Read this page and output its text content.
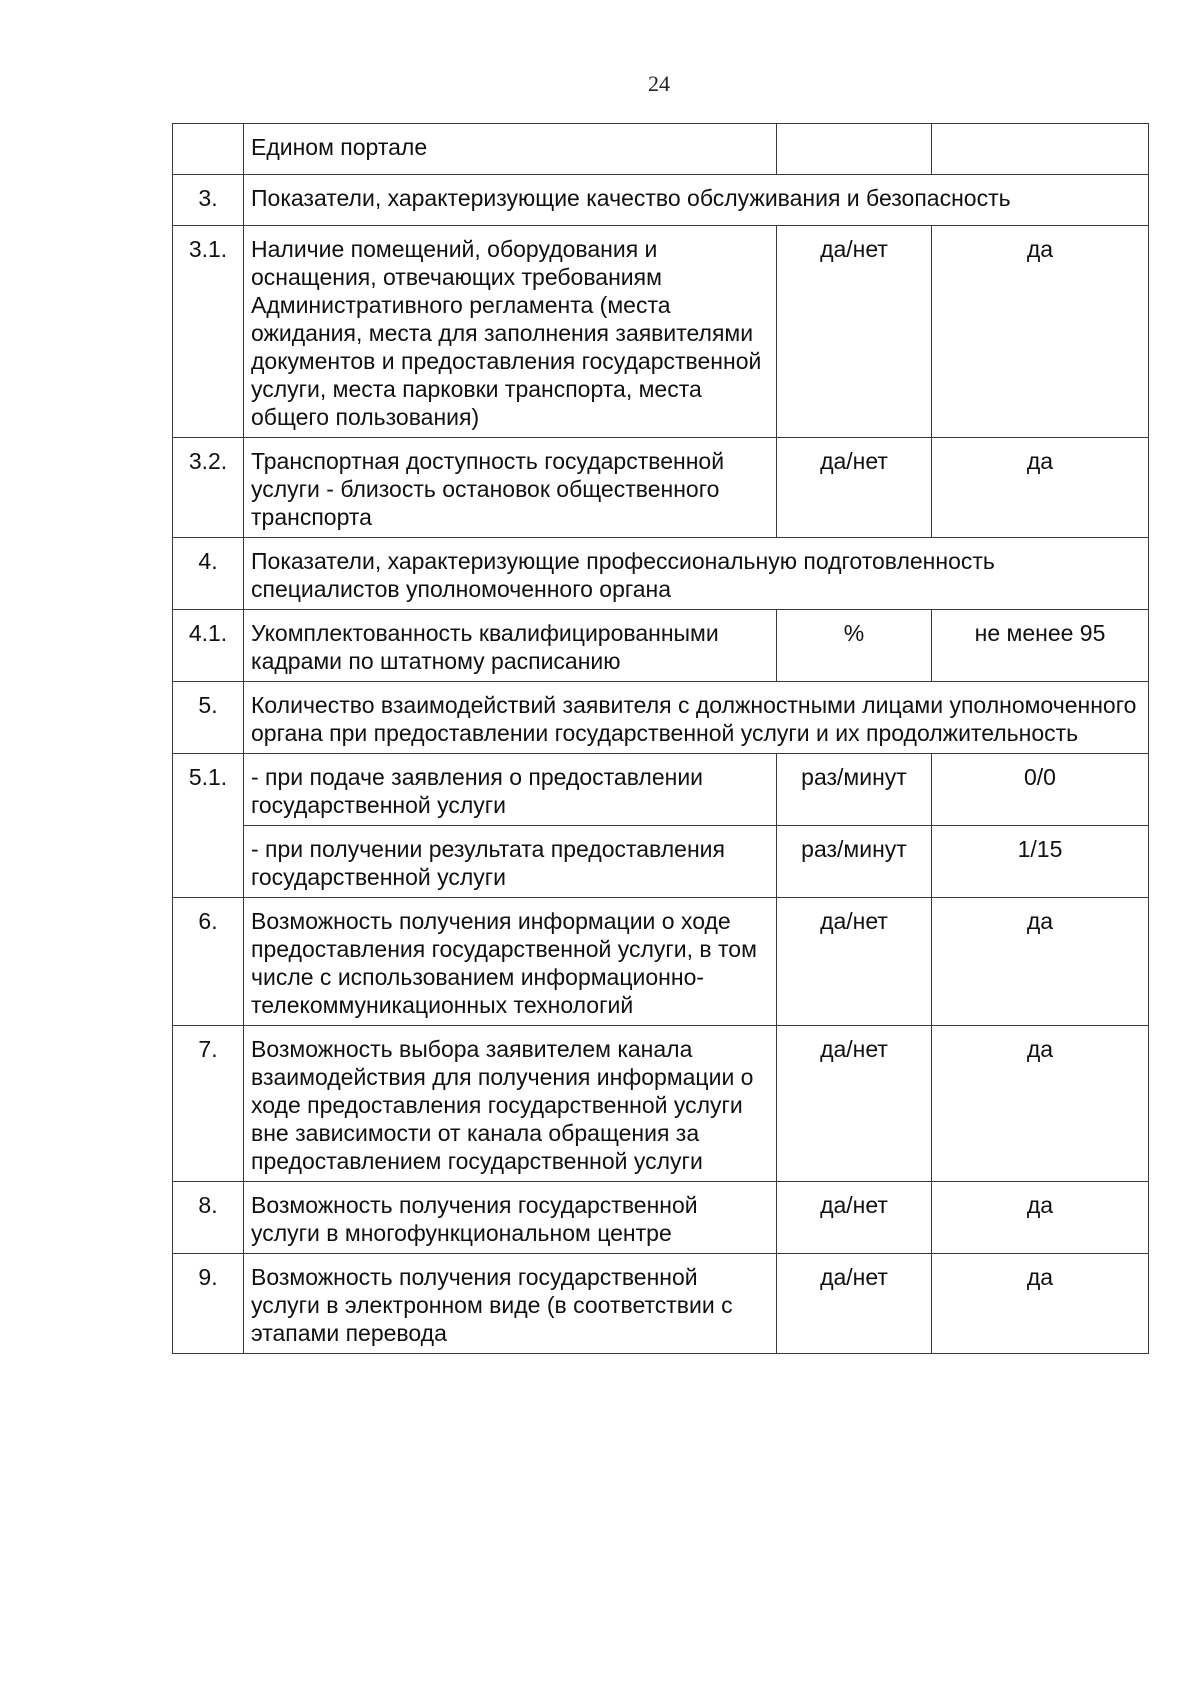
24
	Едином портале		
3.	Показатели, характеризующие качество обслуживания и безопасность		
3.1.	Наличие помещений, оборудования и оснащения, отвечающих требованиям Административного регламента (места ожидания, места для заполнения заявителями документов и предоставления государственной услуги, места парковки транспорта, места общего пользования)	да/нет	да
3.2.	Транспортная доступность государственной услуги - близость остановок общественного транспорта	да/нет	да
4.	Показатели, характеризующие профессиональную подготовленность специалистов уполномоченного органа		
4.1.	Укомплектованность квалифицированными кадрами по штатному расписанию	%	не менее 95
5.	Количество взаимодействий заявителя с должностными лицами уполномоченного органа при предоставлении государственной услуги и их продолжительность		
5.1.	- при подаче заявления о предоставлении государственной услуги	раз/минут	0/0
	- при получении результата предоставления государственной услуги	раз/минут	1/15
6.	Возможность получения информации о ходе предоставления государственной услуги, в том числе с использованием информационно-телекоммуникационных технологий	да/нет	да
7.	Возможность выбора заявителем канала взаимодействия для получения информации о ходе предоставления государственной услуги вне зависимости от канала обращения за предоставлением государственной услуги	да/нет	да
8.	Возможность получения государственной услуги в многофункциональном центре	да/нет	да
9.	Возможность получения государственной услуги в электронном виде (в соответствии с этапами перевода	да/нет	да
